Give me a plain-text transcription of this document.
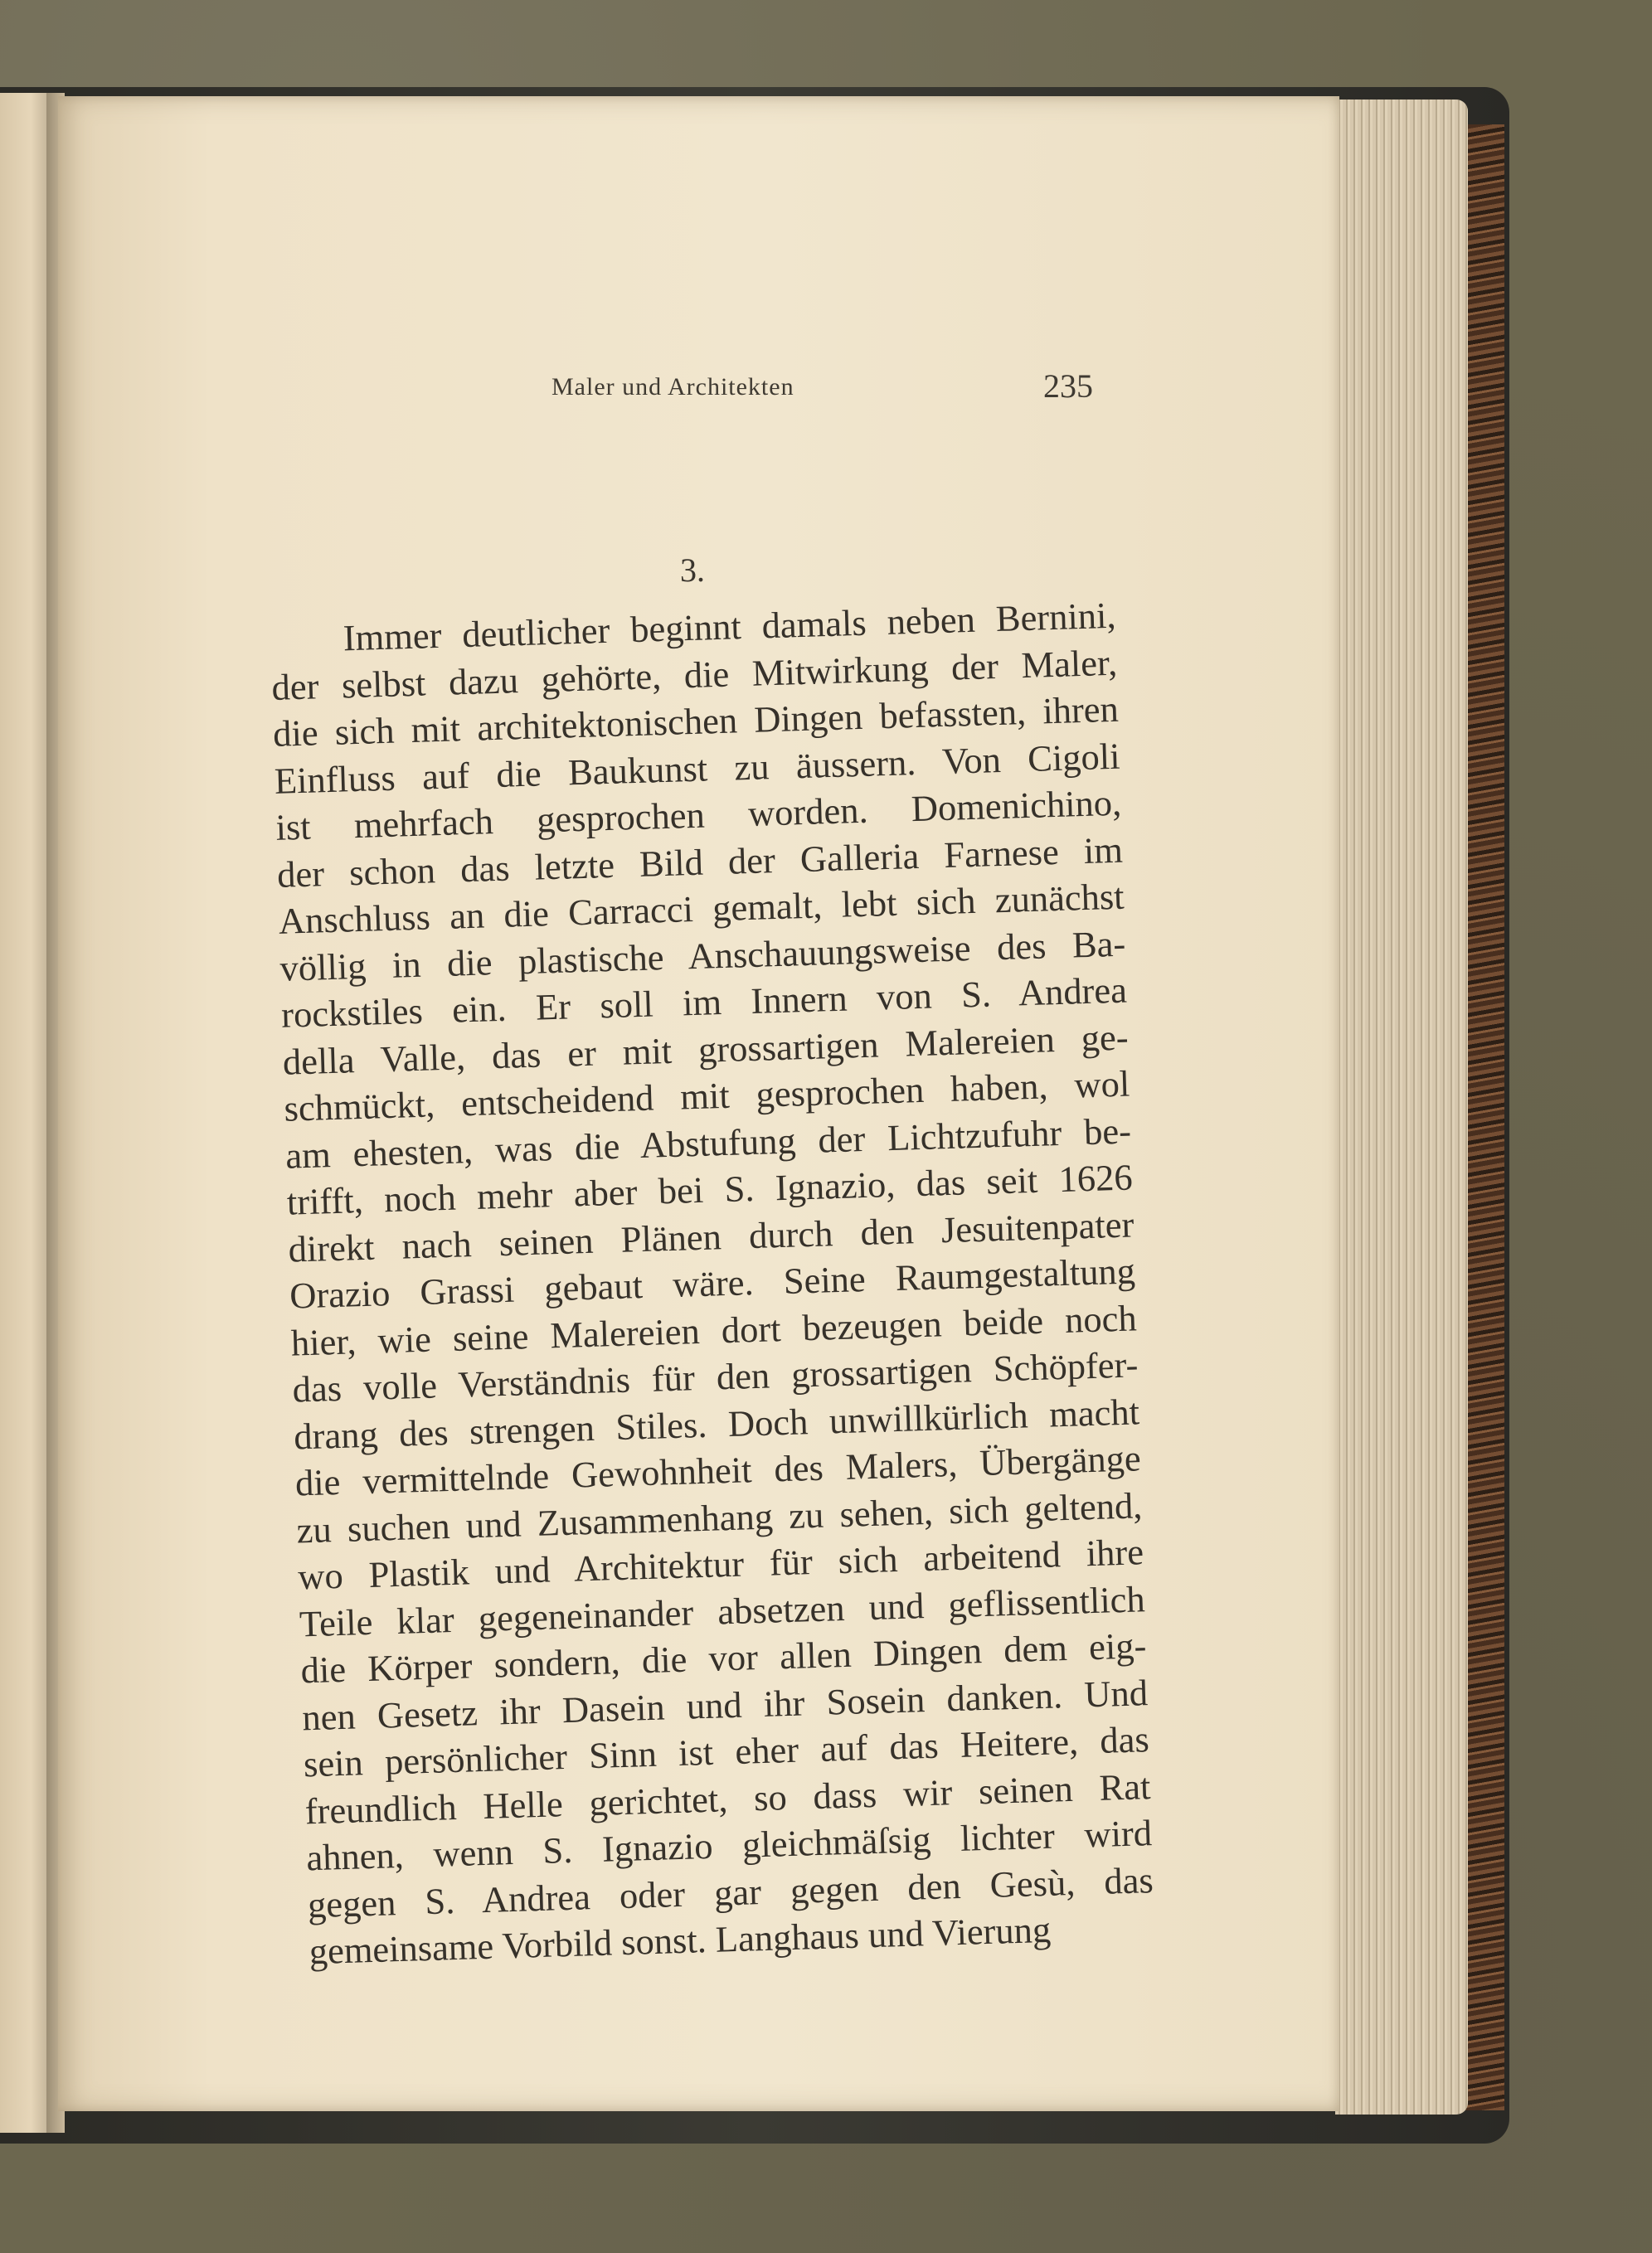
Maler und Architekten	235
3.
Immer deutlicher beginnt damals neben Bernini,
der selbst dazu gehörte, die Mitwirkung der Maler,
die sich mit architektonischen Dingen befassten, ihren
Einfluss auf die Baukunst zu äussern. Von Cigoli
ist mehrfach gesprochen worden. Domenichino,
der schon das letzte Bild der Galleria Farnese im
Anschluss an die Carracci gemalt, lebt sich zunächst
völlig in die plastische Anschauungsweise des Ba-
rockstiles ein. Er soll im Innern von S. Andrea
della Valle, das er mit grossartigen Malereien ge-
schmückt, entscheidend mit gesprochen haben, wol
am ehesten, was die Abstufung der Lichtzufuhr be-
trifft, noch mehr aber bei S. Ignazio, das seit 1626
direkt nach seinen Plänen durch den Jesuitenpater
Orazio Grassi gebaut wäre. Seine Raumgestaltung
hier, wie seine Malereien dort bezeugen beide noch
das volle Verständnis für den grossartigen Schöpfer-
drang des strengen Stiles. Doch unwillkürlich macht
die vermittelnde Gewohnheit des Malers, Übergänge
zu suchen und Zusammenhang zu sehen, sich geltend,
wo Plastik und Architektur für sich arbeitend ihre
Teile klar gegeneinander absetzen und geflissentlich
die Körper sondern, die vor allen Dingen dem eig-
nen Gesetz ihr Dasein und ihr Sosein danken. Und
sein persönlicher Sinn ist eher auf das Heitere, das
freundlich Helle gerichtet, so dass wir seinen Rat
ahnen, wenn S. Ignazio gleichmäſsig lichter wird
gegen S. Andrea oder gar gegen den Gesù, das
gemeinsame Vorbild sonst. Langhaus und Vierung
